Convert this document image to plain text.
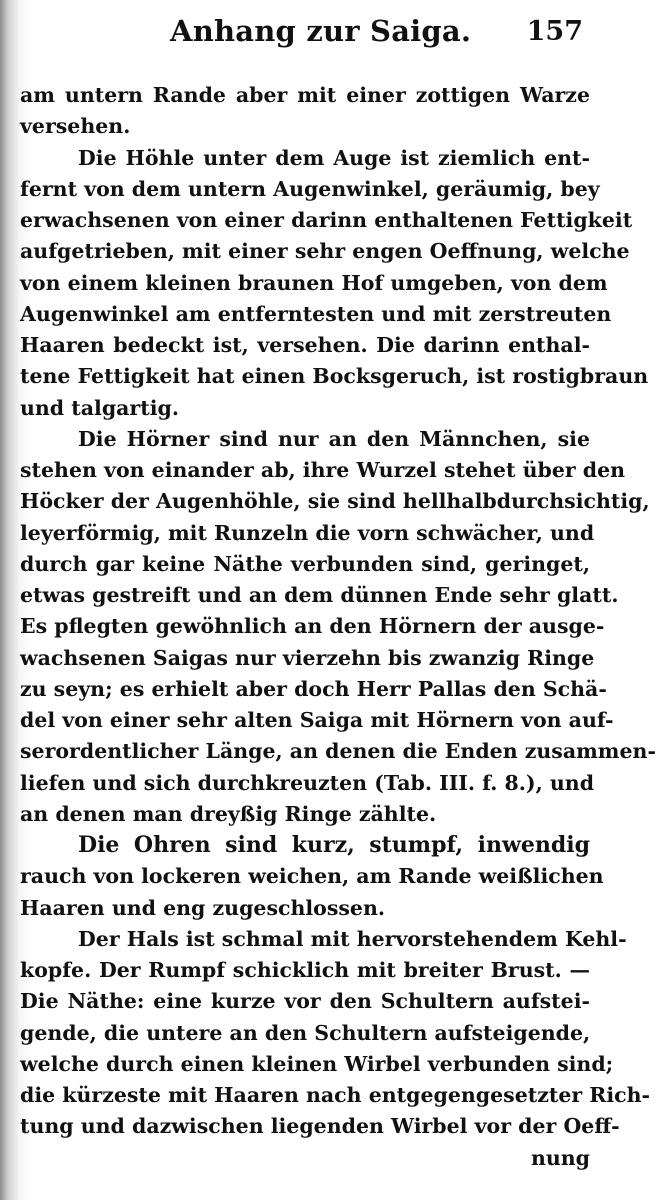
Anhang zur Saiga. 157
am untern Rande aber mit einer zottigen Warze
versehen.
Die Höhle unter dem Auge ist ziemlich ent-
fernt von dem untern Augenwinkel, geräumig, bey
erwachsenen von einer darinn enthaltenen Fettigkeit
aufgetrieben, mit einer sehr engen Oeffnung, welche
von einem kleinen braunen Hof umgeben, von dem
Augenwinkel am entferntesten und mit zerstreuten
Haaren bedeckt ist, versehen. Die darinn enthal-
tene Fettigkeit hat einen Bocksgeruch, ist rostigbraun
und talgartig.
Die Hörner sind nur an den Männchen, sie
stehen von einander ab, ihre Wurzel stehet über den
Höcker der Augenhöhle, sie sind hellhalbdurchsichtig,
leyerförmig, mit Runzeln die vorn schwächer, und
durch gar keine Näthe verbunden sind, geringet,
etwas gestreift und an dem dünnen Ende sehr glatt.
Es pflegten gewöhnlich an den Hörnern der ausge-
wachsenen Saigas nur vierzehn bis zwanzig Ringe
zu seyn; es erhielt aber doch Herr Pallas den Schä-
del von einer sehr alten Saiga mit Hörnern von auf-
serordentlicher Länge, an denen die Enden zusammen-
liefen und sich durchkreuzten (Tab. III. f. 8.), und
an denen man dreyßig Ringe zählte.
Die Ohren sind kurz, stumpf, inwendig
rauch von lockeren weichen, am Rande weißlichen
Haaren und eng zugeschlossen.
Der Hals ist schmal mit hervorstehendem Kehl-
kopfe. Der Rumpf schicklich mit breiter Brust. —
Die Näthe: eine kurze vor den Schultern aufstei-
gende, die untere an den Schultern aufsteigende,
welche durch einen kleinen Wirbel verbunden sind;
die kürzeste mit Haaren nach entgegengesetzter Rich-
tung und dazwischen liegenden Wirbel vor der Oeff-
nung
